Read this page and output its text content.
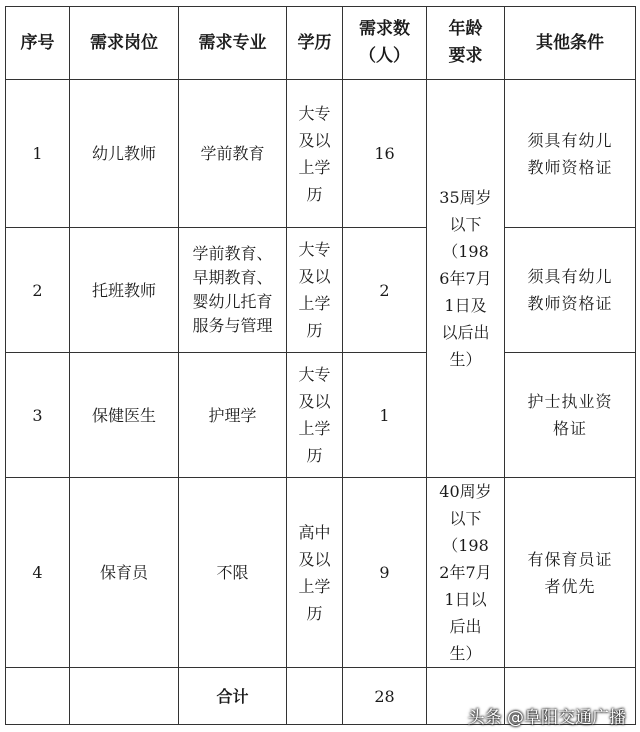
序号	需求岗位	需求专业	学历	需求数（人）	年龄要求	其他条件
1	幼儿教师	学前教育	大专及以上学历	16	35周岁以下（1986年7月1日及以后出生）	须具有幼儿教师资格证
2	托班教师	学前教育、早期教育、婴幼儿托育服务与管理	大专及以上学历	2		须具有幼儿教师资格证
3	保健医生	护理学	大专及以上学历	1		护士执业资格证
4	保育员	不限	高中及以上学历	9	40周岁以下（1982年7月1日以后出生）	有保育员证者优先
		合计		28		
头条 @阜阳交通广播
